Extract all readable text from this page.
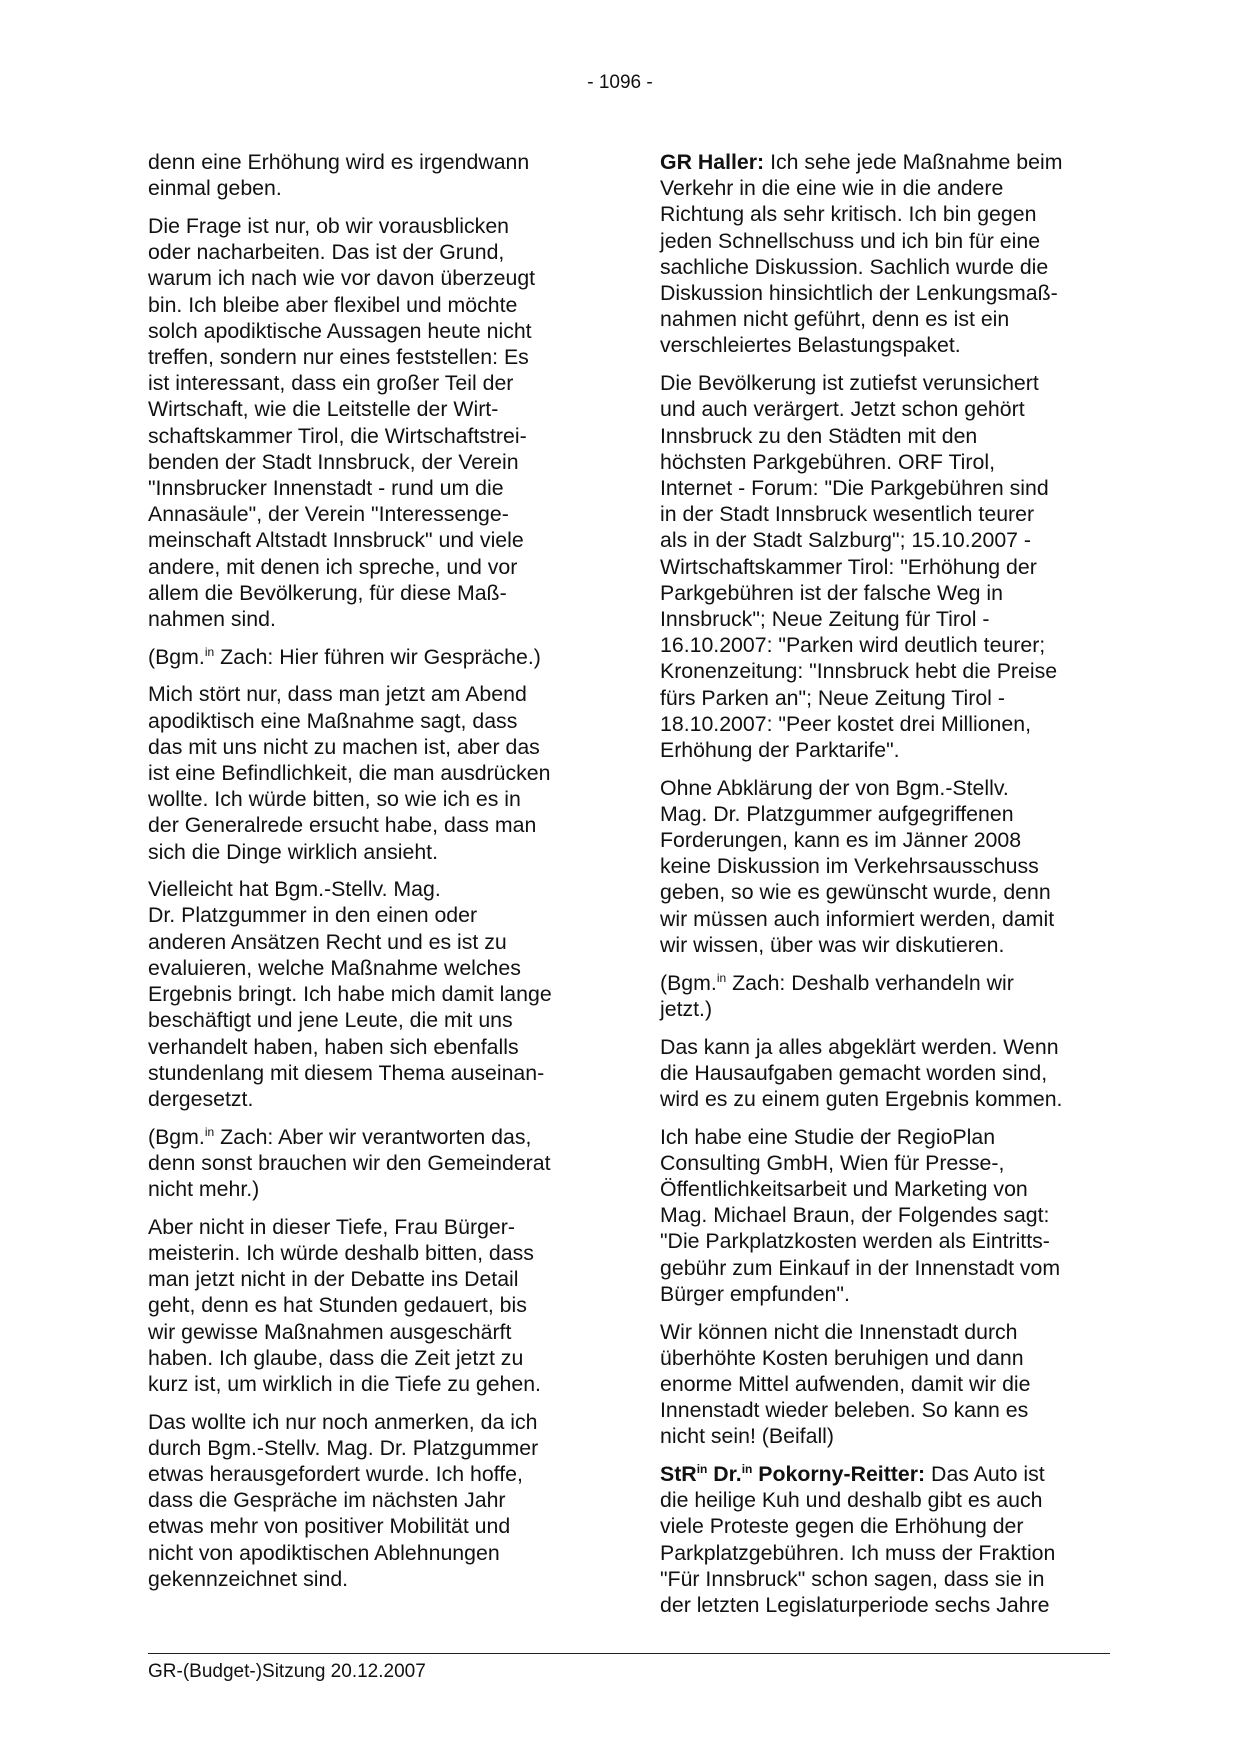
- 1096 -

denn eine Erhöhung wird es irgendwann
einmal geben.

Die Frage ist nur, ob wir vorausblicken
oder nacharbeiten. Das ist der Grund,
warum ich nach wie vor davon überzeugt
bin. Ich bleibe aber flexibel und möchte
solch apodiktische Aussagen heute nicht
treffen, sondern nur eines feststellen: Es
ist interessant, dass ein großer Teil der
Wirtschaft, wie die Leitstelle der Wirt-
schaftskammer Tirol, die Wirtschaftstrei-
benden der Stadt Innsbruck, der Verein
"Innsbrucker Innenstadt - rund um die
Annasäule", der Verein "Interessenge-
meinschaft Altstadt Innsbruck" und viele
andere, mit denen ich spreche, und vor
allem die Bevölkerung, für diese Maß-
nahmen sind.

(Bgm.$^{in}$ Zach: Hier führen wir Gespräche.)

Mich stört nur, dass man jetzt am Abend
apodiktisch eine Maßnahme sagt, dass
das mit uns nicht zu machen ist, aber das
ist eine Befindlichkeit, die man ausdrücken
wollte. Ich würde bitten, so wie ich es in
der Generalrede ersucht habe, dass man
sich die Dinge wirklich ansieht.

Vielleicht hat Bgm.-Stellv. Mag.
Dr. Platzgummer in den einen oder
anderen Ansätzen Recht und es ist zu
evaluieren, welche Maßnahme welches
Ergebnis bringt. Ich habe mich damit lange
beschäftigt und jene Leute, die mit uns
verhandelt haben, haben sich ebenfalls
stundenlang mit diesem Thema auseinan-
dergesetzt.

(Bgm.$^{in}$ Zach: Aber wir verantworten das,
denn sonst brauchen wir den Gemeinderat
nicht mehr.)

Aber nicht in dieser Tiefe, Frau Bürger-
meisterin. Ich würde deshalb bitten, dass
man jetzt nicht in der Debatte ins Detail
geht, denn es hat Stunden gedauert, bis
wir gewisse Maßnahmen ausgeschärft
haben. Ich glaube, dass die Zeit jetzt zu
kurz ist, um wirklich in die Tiefe zu gehen.

Das wollte ich nur noch anmerken, da ich
durch Bgm.-Stellv. Mag. Dr. Platzgummer
etwas herausgefordert wurde. Ich hoffe,
dass die Gespräche im nächsten Jahr
etwas mehr von positiver Mobilität und
nicht von apodiktischen Ablehnungen
gekennzeichnet sind.

GR Haller: Ich sehe jede Maßnahme beim
Verkehr in die eine wie in die andere
Richtung als sehr kritisch. Ich bin gegen
jeden Schnellschuss und ich bin für eine
sachliche Diskussion. Sachlich wurde die
Diskussion hinsichtlich der Lenkungsmaß-
nahmen nicht geführt, denn es ist ein
verschleiertes Belastungspaket.

Die Bevölkerung ist zutiefst verunsichert
und auch verärgert. Jetzt schon gehört
Innsbruck zu den Städten mit den
höchsten Parkgebühren. ORF Tirol,
Internet - Forum: "Die Parkgebühren sind
in der Stadt Innsbruck wesentlich teurer
als in der Stadt Salzburg"; 15.10.2007 -
Wirtschaftskammer Tirol: "Erhöhung der
Parkgebühren ist der falsche Weg in
Innsbruck"; Neue Zeitung für Tirol -
16.10.2007: "Parken wird deutlich teurer;
Kronenzeitung: "Innsbruck hebt die Preise
fürs Parken an"; Neue Zeitung Tirol -
18.10.2007: "Peer kostet drei Millionen,
Erhöhung der Parktarife".

Ohne Abklärung der von Bgm.-Stellv.
Mag. Dr. Platzgummer aufgegriffenen
Forderungen, kann es im Jänner 2008
keine Diskussion im Verkehrsausschuss
geben, so wie es gewünscht wurde, denn
wir müssen auch informiert werden, damit
wir wissen, über was wir diskutieren.

(Bgm.$^{in}$ Zach: Deshalb verhandeln wir
jetzt.)

Das kann ja alles abgeklärt werden. Wenn
die Hausaufgaben gemacht worden sind,
wird es zu einem guten Ergebnis kommen.

Ich habe eine Studie der RegioPlan
Consulting GmbH, Wien für Presse-,
Öffentlichkeitsarbeit und Marketing von
Mag. Michael Braun, der Folgendes sagt:
"Die Parkplatzkosten werden als Eintritts-
gebühr zum Einkauf in der Innenstadt vom
Bürger empfunden".

Wir können nicht die Innenstadt durch
überhöhte Kosten beruhigen und dann
enorme Mittel aufwenden, damit wir die
Innenstadt wieder beleben. So kann es
nicht sein! (Beifall)

StR$^{in}$ Dr.$^{in}$ Pokorny-Reitter: Das Auto ist
die heilige Kuh und deshalb gibt es auch
viele Proteste gegen die Erhöhung der
Parkplatzgebühren. Ich muss der Fraktion
"Für Innsbruck" schon sagen, dass sie in
der letzten Legislaturperiode sechs Jahre

GR-(Budget-)Sitzung 20.12.2007
